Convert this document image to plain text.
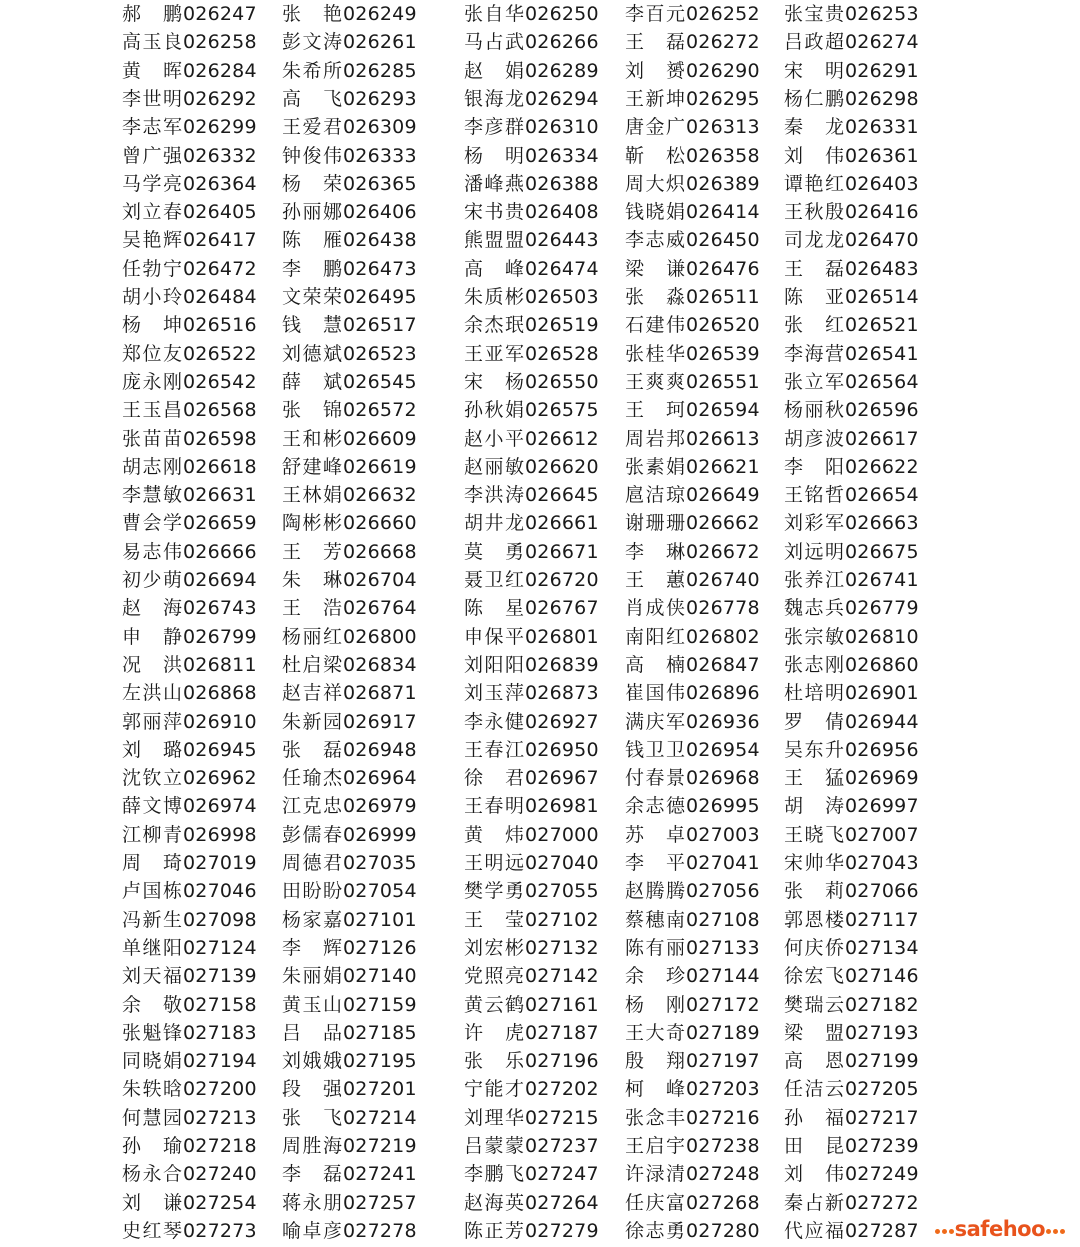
郝鹏026247 张艳026249 张自华026250 李百元026252 张宝贵026253
高玉良026258 彭文涛026261 马占武026266 王磊026272 吕政超026274
黄晖026284 朱希所026285 赵娟026289 刘赟026290 宋明026291
李世明026292 高飞026293 银海龙026294 王新坤026295 杨仁鹏026298
李志军026299 王爱君026309 李彦群026310 唐金广026313 秦龙026331
曾广强026332 钟俊伟026333 杨明026334 靳松026358 刘伟026361
马学亮026364 杨荣026365 潘峰燕026388 周大炽026389 谭艳红026403
刘立春026405 孙丽娜026406 宋书贵026408 钱晓娟026414 王秋殷026416
吴艳辉026417 陈雁026438 熊盟盟026443 李志威026450 司龙龙026470
任勃宁026472 李鹏026473 高峰026474 梁谦026476 王磊026483
胡小玲026484 文荣荣026495 朱质彬026503 张淼026511 陈亚026514
杨坤026516 钱慧026517 余杰珉026519 石建伟026520 张红026521
郑位友026522 刘德斌026523 王亚军026528 张桂华026539 李海营026541
庞永刚026542 薛斌026545 宋杨026550 王爽爽026551 张立军026564
王玉昌026568 张锦026572 孙秋娟026575 王珂026594 杨丽秋026596
张苗苗026598 王和彬026609 赵小平026612 周岩邦026613 胡彦波026617
胡志刚026618 舒建峰026619 赵丽敏026620 张素娟026621 李阳026622
李慧敏026631 王林娟026632 李洪涛026645 扈洁琼026649 王铭哲026654
曹会学026659 陶彬彬026660 胡井龙026661 谢珊珊026662 刘彩军026663
易志伟026666 王芳026668 莫勇026671 李琳026672 刘远明026675
初少萌026694 朱琳026704 聂卫红026720 王蕙026740 张养江026741
赵海026743 王浩026764 陈星026767 肖成侠026778 魏志兵026779
申静026799 杨丽红026800 申保平026801 南阳红026802 张宗敏026810
况洪026811 杜启梁026834 刘阳阳026839 高楠026847 张志刚026860
左洪山026868 赵吉祥026871 刘玉萍026873 崔国伟026896 杜培明026901
郭丽萍026910 朱新园026917 李永健026927 满庆军026936 罗倩026944
刘璐026945 张磊026948 王春江026950 钱卫卫026954 吴东升026956
沈钦立026962 任瑜杰026964 徐君026967 付春景026968 王猛026969
薛文博026974 江克忠026979 王春明026981 余志德026995 胡涛026997
江柳青026998 彭儒春026999 黄炜027000 苏卓027003 王晓飞027007
周琦027019 周德君027035 王明远027040 李平027041 宋帅华027043
卢国栋027046 田盼盼027054 樊学勇027055 赵腾腾027056 张莉027066
冯新生027098 杨家嘉027101 王莹027102 蔡穗南027108 郭恩楼027117
单继阳027124 李辉027126 刘宏彬027132 陈有丽027133 何庆侨027134
刘天福027139 朱丽娟027140 党照亮027142 余珍027144 徐宏飞027146
余敬027158 黄玉山027159 黄云鹤027161 杨刚027172 樊瑞云027182
张魁锋027183 吕品027185 许虎027187 王大奇027189 梁盟027193
同晓娟027194 刘娥娥027195 张乐027196 殷翔027197 高恩027199
朱轶晗027200 段强027201 宁能才027202 柯峰027203 任洁云027205
何慧园027213 张飞027214 刘理华027215 张念丰027216 孙福027217
孙瑜027218 周胜海027219 吕蒙蒙027237 王启宇027238 田昆027239
杨永合027240 李磊027241 李鹏飞027247 许渌清027248 刘伟027249
刘谦027254 蒋永朋027257 赵海英027264 任庆富027268 秦占新027272
史红琴027273 喻卓彦027278 陈正芳027279 徐志勇027280 代应福027287	safehoo
